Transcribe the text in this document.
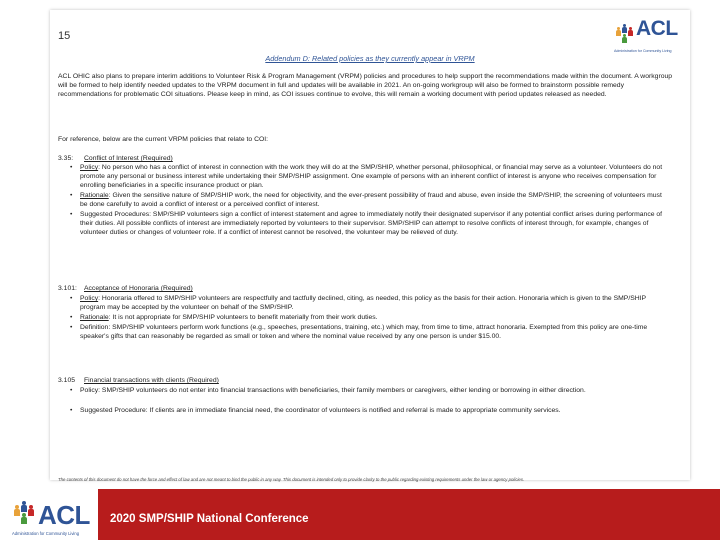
15	ACL
Administration for Community Living
Addendum D: Related policies as they currently appear in VRPM

ACL OHIC also plans to prepare interim additions to Volunteer Risk & Program Management (VRPM) policies and procedures to help support the recommendations made within the document. A workgroup will be formed to help identify needed updates to the VRPM document in full and updates will be available in 2021. An on-going workgroup will also be formed to brainstorm possible remedy recommendations for problematic COI situations. Please keep in mind, as COI issues continue to evolve, this will remain a working document with period updates released as needed.

For reference, below are the current VRPM policies that relate to COI:

3.35: Conflict of Interest (Required)
• Policy: No person who has a conflict of interest in connection with the work they will do at the SMP/SHIP, whether personal, philosophical, or financial may serve as a volunteer. Volunteers do not promote any personal or business interest while undertaking their SMP/SHIP assignment. One example of persons with an inherent conflict of interest is anyone who receives compensation for enrolling beneficiaries in a specific insurance product or plan.
• Rationale: Given the sensitive nature of SMP/SHIP work, the need for objectivity, and the ever-present possibility of fraud and abuse, even inside the SMP/SHIP, the screening of volunteers must be done carefully to avoid a conflict of interest or a perceived conflict of interest.
• Suggested Procedures: SMP/SHIP volunteers sign a conflict of interest statement and agree to immediately notify their designated supervisor if any potential conflict arises during performance of their duties. All possible conflicts of interest are immediately reported by volunteers to their supervisor. SMP/SHIP can attempt to resolve conflicts of interest through, for example, changes of volunteer duties or changes of volunteer role. If a conflict of interest cannot be resolved, the volunteer may be relieved of duty.
3.101: Acceptance of Honoraria (Required)
• Policy: Honoraria offered to SMP/SHIP volunteers are respectfully and tactfully declined, citing, as needed, this policy as the basis for their action. Honoraria which is given to the SMP/SHIP program may be accepted by the volunteer on behalf of the SMP/SHIP.
• Rationale: It is not appropriate for SMP/SHIP volunteers to benefit materially from their work duties.
• Definition: SMP/SHIP volunteers perform work functions (e.g., speeches, presentations, training, etc.) which may, from time to time, attract honoraria. Exempted from this policy are one-time speaker's gifts that can reasonably be regarded as small or token and where the nominal value received by any one person is under $15.00.
3.105 Financial transactions with clients (Required)
• Policy: SMP/SHIP volunteers do not enter into financial transactions with beneficiaries, their family members or caregivers, either lending or borrowing in either direction.
• Suggested Procedure: If clients are in immediate financial need, the coordinator of volunteers is notified and referral is made to appropriate community services.
The contents of this document do not have the force and effect of law and are not meant to bind the public in any way. This document is intended only to provide clarity to the public regarding existing requirements under the law or agency policies.
ACL
Administration for Community Living
2020 SMP/SHIP National Conference
